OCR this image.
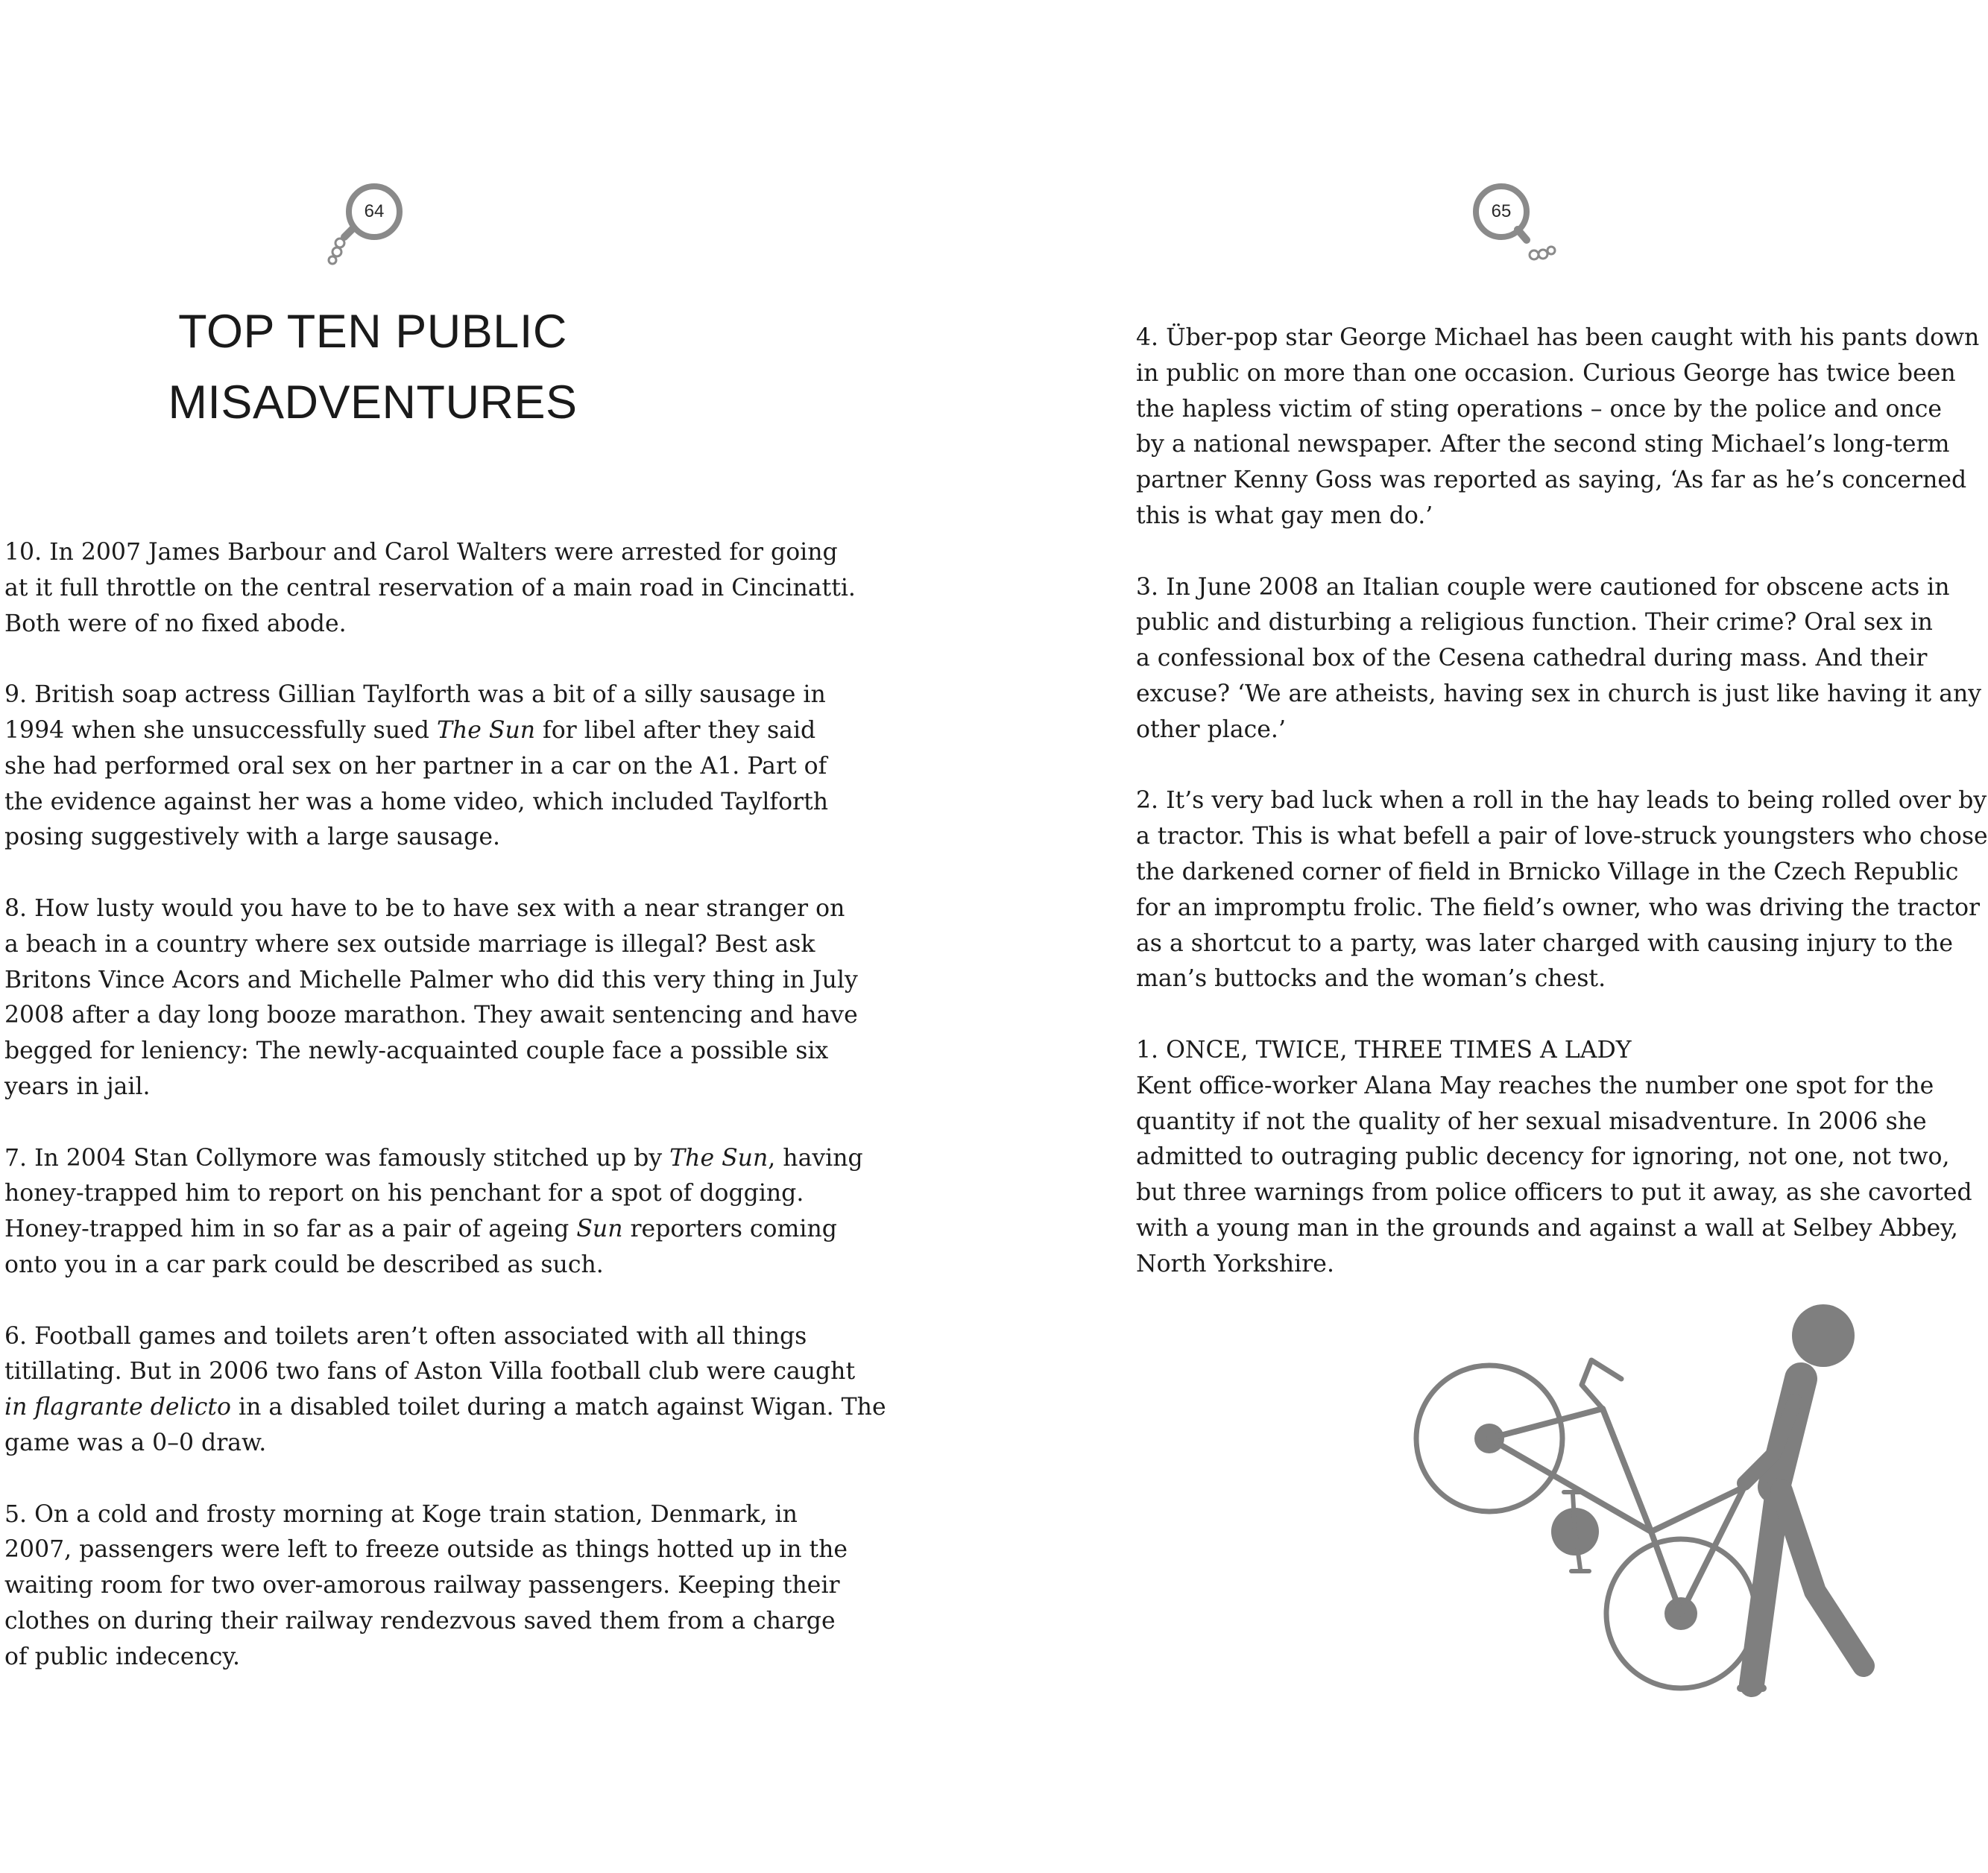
64
TOP TEN PUBLIC
MISADVENTURES

10. In 2007 James Barbour and Carol Walters were arrested for going
at it full throttle on the central reservation of a main road in Cincinatti.
Both were of no fixed abode.

9. British soap actress Gillian Taylforth was a bit of a silly sausage in
1994 when she unsuccessfully sued The Sun for libel after they said
she had performed oral sex on her partner in a car on the A1. Part of
the evidence against her was a home video, which included Taylforth
posing suggestively with a large sausage.

8. How lusty would you have to be to have sex with a near stranger on
a beach in a country where sex outside marriage is illegal? Best ask
Britons Vince Acors and Michelle Palmer who did this very thing in July
2008 after a day long booze marathon. They await sentencing and have
begged for leniency: The newly-acquainted couple face a possible six
years in jail.

7. In 2004 Stan Collymore was famously stitched up by The Sun, having
honey-trapped him to report on his penchant for a spot of dogging.
Honey-trapped him in so far as a pair of ageing Sun reporters coming
onto you in a car park could be described as such.

6. Football games and toilets aren’t often associated with all things
titillating. But in 2006 two fans of Aston Villa football club were caught
in flagrante delicto in a disabled toilet during a match against Wigan. The
game was a 0–0 draw.

5. On a cold and frosty morning at Koge train station, Denmark, in
2007, passengers were left to freeze outside as things hotted up in the
waiting room for two over-amorous railway passengers. Keeping their
clothes on during their railway rendezvous saved them from a charge
of public indecency.

65

4. Über-pop star George Michael has been caught with his pants down
in public on more than one occasion. Curious George has twice been
the hapless victim of sting operations – once by the police and once
by a national newspaper. After the second sting Michael’s long-term
partner Kenny Goss was reported as saying, ‘As far as he’s concerned
this is what gay men do.’

3. In June 2008 an Italian couple were cautioned for obscene acts in
public and disturbing a religious function. Their crime? Oral sex in
a confessional box of the Cesena cathedral during mass. And their
excuse? ‘We are atheists, having sex in church is just like having it any
other place.’

2. It’s very bad luck when a roll in the hay leads to being rolled over by
a tractor. This is what befell a pair of love-struck youngsters who chose
the darkened corner of field in Brnicko Village in the Czech Republic
for an impromptu frolic. The field’s owner, who was driving the tractor
as a shortcut to a party, was later charged with causing injury to the
man’s buttocks and the woman’s chest.

1. ONCE, TWICE, THREE TIMES A LADY
Kent office-worker Alana May reaches the number one spot for the
quantity if not the quality of her sexual misadventure. In 2006 she
admitted to outraging public decency for ignoring, not one, not two,
but three warnings from police officers to put it away, as she cavorted
with a young man in the grounds and against a wall at Selbey Abbey,
North Yorkshire.
